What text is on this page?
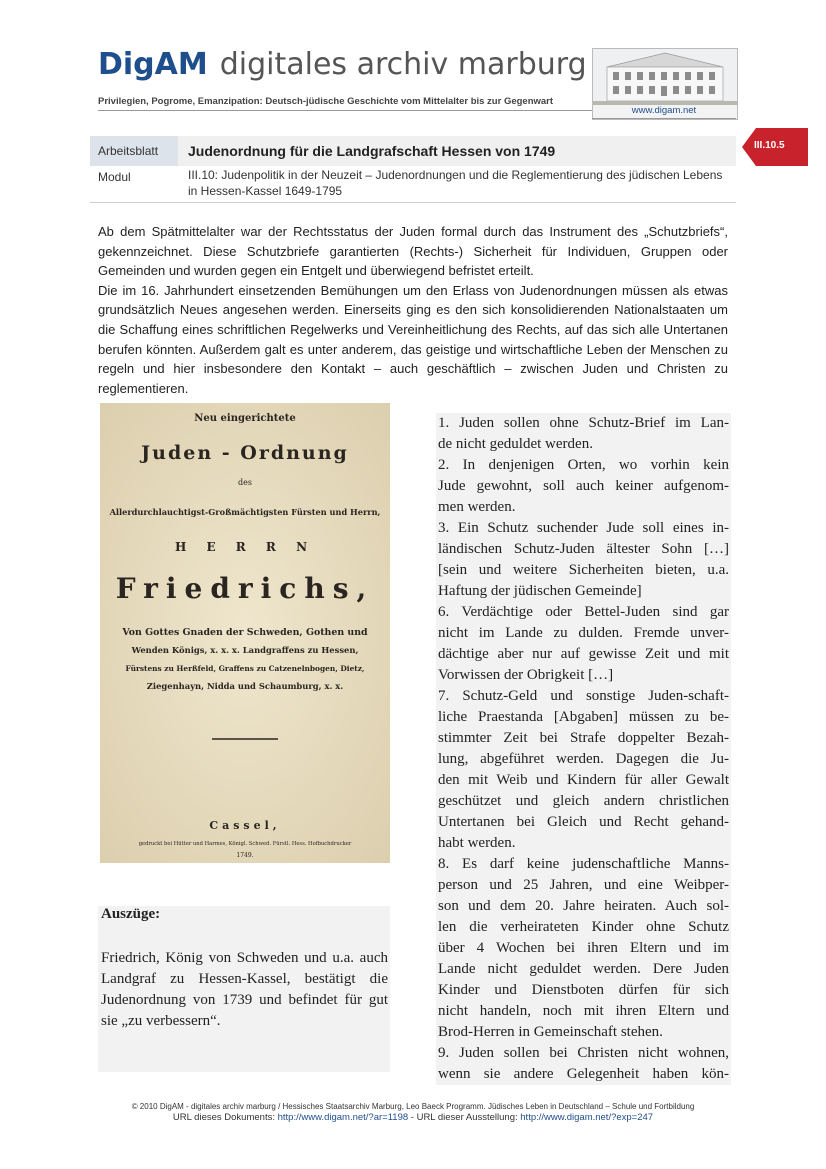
DigAM digitales archiv marburg
Privilegien, Pogrome, Emanzipation: Deutsch-jüdische Geschichte vom Mittelalter bis zur Gegenwart
www.digam.net
Arbeitsblatt	Judenordnung für die Landgrafschaft Hessen von 1749
Modul	III.10: Judenpolitik in der Neuzeit – Judenordnungen und die Reglementierung des jüdischen Lebens in Hessen-Kassel 1649-1795
III.10.5

Ab dem Spätmittelalter war der Rechtsstatus der Juden formal durch das Instrument des „Schutzbriefs“, gekennzeichnet. Diese Schutzbriefe garantierten (Rechts-) Sicherheit für Individuen, Gruppen oder Gemeinden und wurden gegen ein Entgelt und überwiegend befristet erteilt.

Die im 16. Jahrhundert einsetzenden Bemühungen um den Erlass von Judenordnungen müssen als etwas grundsätzlich Neues angesehen werden. Einerseits ging es den sich konsolidierenden Nationalstaaten um die Schaffung eines schriftlichen Regelwerks und Vereinheitlichung des Rechts, auf das sich alle Untertanen berufen könnten. Außerdem galt es unter anderem, das geistige und wirtschaftliche Leben der Menschen zu regeln und hier insbesondere den Kontakt – auch geschäftlich – zwischen Juden und Christen zu reglementieren.

Neu eingerichtete
Juden - Ordnung
des
Allerdurchlauchtigst-Großmächtigsten Fürsten und Herrn,
H E R R N
Friedrichs,
Von Gottes Gnaden der Schweden, Gothen und
Wenden Königs, x. x. x. Landgraffens zu Hessen,
Fürstens zu Herßfeld, Graffens zu Catzenelnbogen, Dietz,
Ziegenhayn, Nidda und Schaumburg, x. x.
Cassel,
gedruckt bei Hütter und Harmes, Königl. Schwed. Fürstl. Hess. Hofbuchdrucker
1749.
Auszüge:
Friedrich, König von Schweden und u.a. auch Landgraf zu Hessen-Kassel, bestätigt die Judenordnung von 1739 und befindet für gut sie „zu verbessern“.
1. Juden sollen ohne Schutz-Brief im Lan-
de nicht geduldet werden.
2. In denjenigen Orten, wo vorhin kein
Jude gewohnt, soll auch keiner aufgenom-
men werden.
3. Ein Schutz suchender Jude soll eines in-
ländischen Schutz-Juden ältester Sohn […]
[sein und weitere Sicherheiten bieten, u.a.
Haftung der jüdischen Gemeinde]
6. Verdächtige oder Bettel-Juden sind gar
nicht im Lande zu dulden. Fremde unver-
dächtige aber nur auf gewisse Zeit und mit
Vorwissen der Obrigkeit […]
7. Schutz-Geld und sonstige Juden-schaft-
liche Praestanda [Abgaben] müssen zu be-
stimmter Zeit bei Strafe doppelter Bezah-
lung, abgeführet werden. Dagegen die Ju-
den mit Weib und Kindern für aller Gewalt
geschützet und gleich andern christlichen
Untertanen bei Gleich und Recht gehand-
habt werden.
8. Es darf keine judenschaftliche Manns-
person und 25 Jahren, und eine Weibper-
son und dem 20. Jahre heiraten. Auch sol-
len die verheirateten Kinder ohne Schutz
über 4 Wochen bei ihren Eltern und im
Lande nicht geduldet werden. Dere Juden
Kinder und Dienstboten dürfen für sich
nicht handeln, noch mit ihren Eltern und
Brod-Herren in Gemeinschaft stehen.
9. Juden sollen bei Christen nicht wohnen,
wenn sie andere Gelegenheit haben kön-
© 2010 DigAM - digitales archiv marburg / Hessisches Staatsarchiv Marburg, Leo Baeck Programm. Jüdisches Leben in Deutschland – Schule und Fortbildung
URL dieses Dokuments: http://www.digam.net/?ar=1198 - URL dieser Ausstellung: http://www.digam.net/?exp=247
